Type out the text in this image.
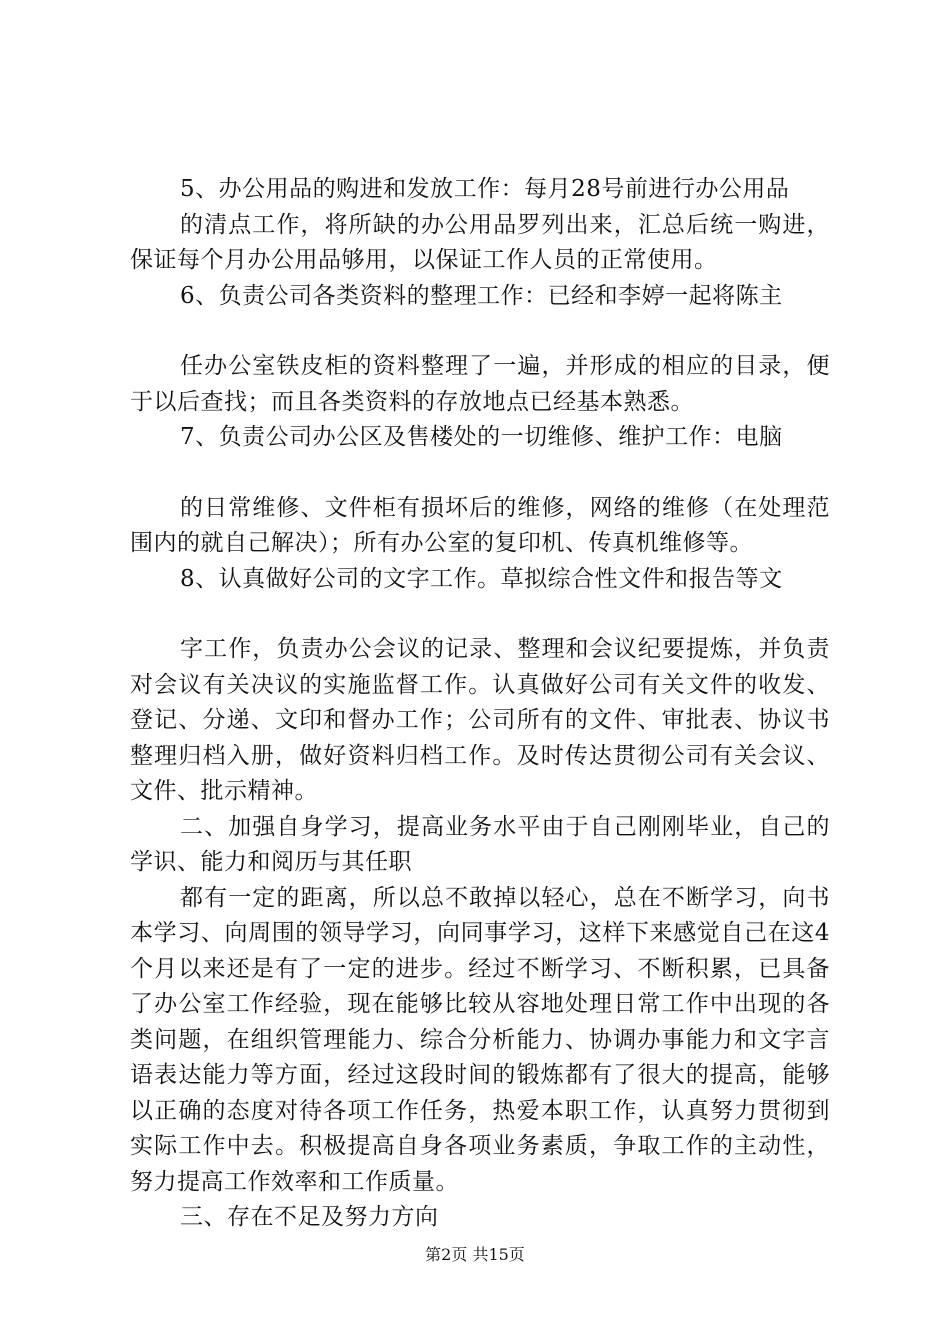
5、办公用品的购进和发放工作：每月28号前进行办公用品

的清点工作，将所缺的办公用品罗列出来，汇总后统一购进，保证每个月办公用品够用，以保证工作人员的正常使用。

6、负责公司各类资料的整理工作：已经和李婷一起将陈主

任办公室铁皮柜的资料整理了一遍，并形成的相应的目录，便于以后查找；而且各类资料的存放地点已经基本熟悉。

7、负责公司办公区及售楼处的一切维修、维护工作：电脑

的日常维修、文件柜有损坏后的维修，网络的维修（在处理范围内的就自己解决）；所有办公室的复印机、传真机维修等。

8、认真做好公司的文字工作。草拟综合性文件和报告等文

字工作，负责办公会议的记录、整理和会议纪要提炼，并负责对会议有关决议的实施监督工作。认真做好公司有关文件的收发、登记、分递、文印和督办工作；公司所有的文件、审批表、协议书整理归档入册，做好资料归档工作。及时传达贯彻公司有关会议、文件、批示精神。

二、加强自身学习，提高业务水平由于自己刚刚毕业，自己的学识、能力和阅历与其任职

都有一定的距离，所以总不敢掉以轻心，总在不断学习，向书本学习、向周围的领导学习，向同事学习，这样下来感觉自己在这4个月以来还是有了一定的进步。经过不断学习、不断积累，已具备了办公室工作经验，现在能够比较从容地处理日常工作中出现的各类问题，在组织管理能力、综合分析能力、协调办事能力和文字言语表达能力等方面，经过这段时间的锻炼都有了很大的提高，能够以正确的态度对待各项工作任务，热爱本职工作，认真努力贯彻到实际工作中去。积极提高自身各项业务素质，争取工作的主动性，努力提高工作效率和工作质量。

三、存在不足及努力方向

第2页 共15页
